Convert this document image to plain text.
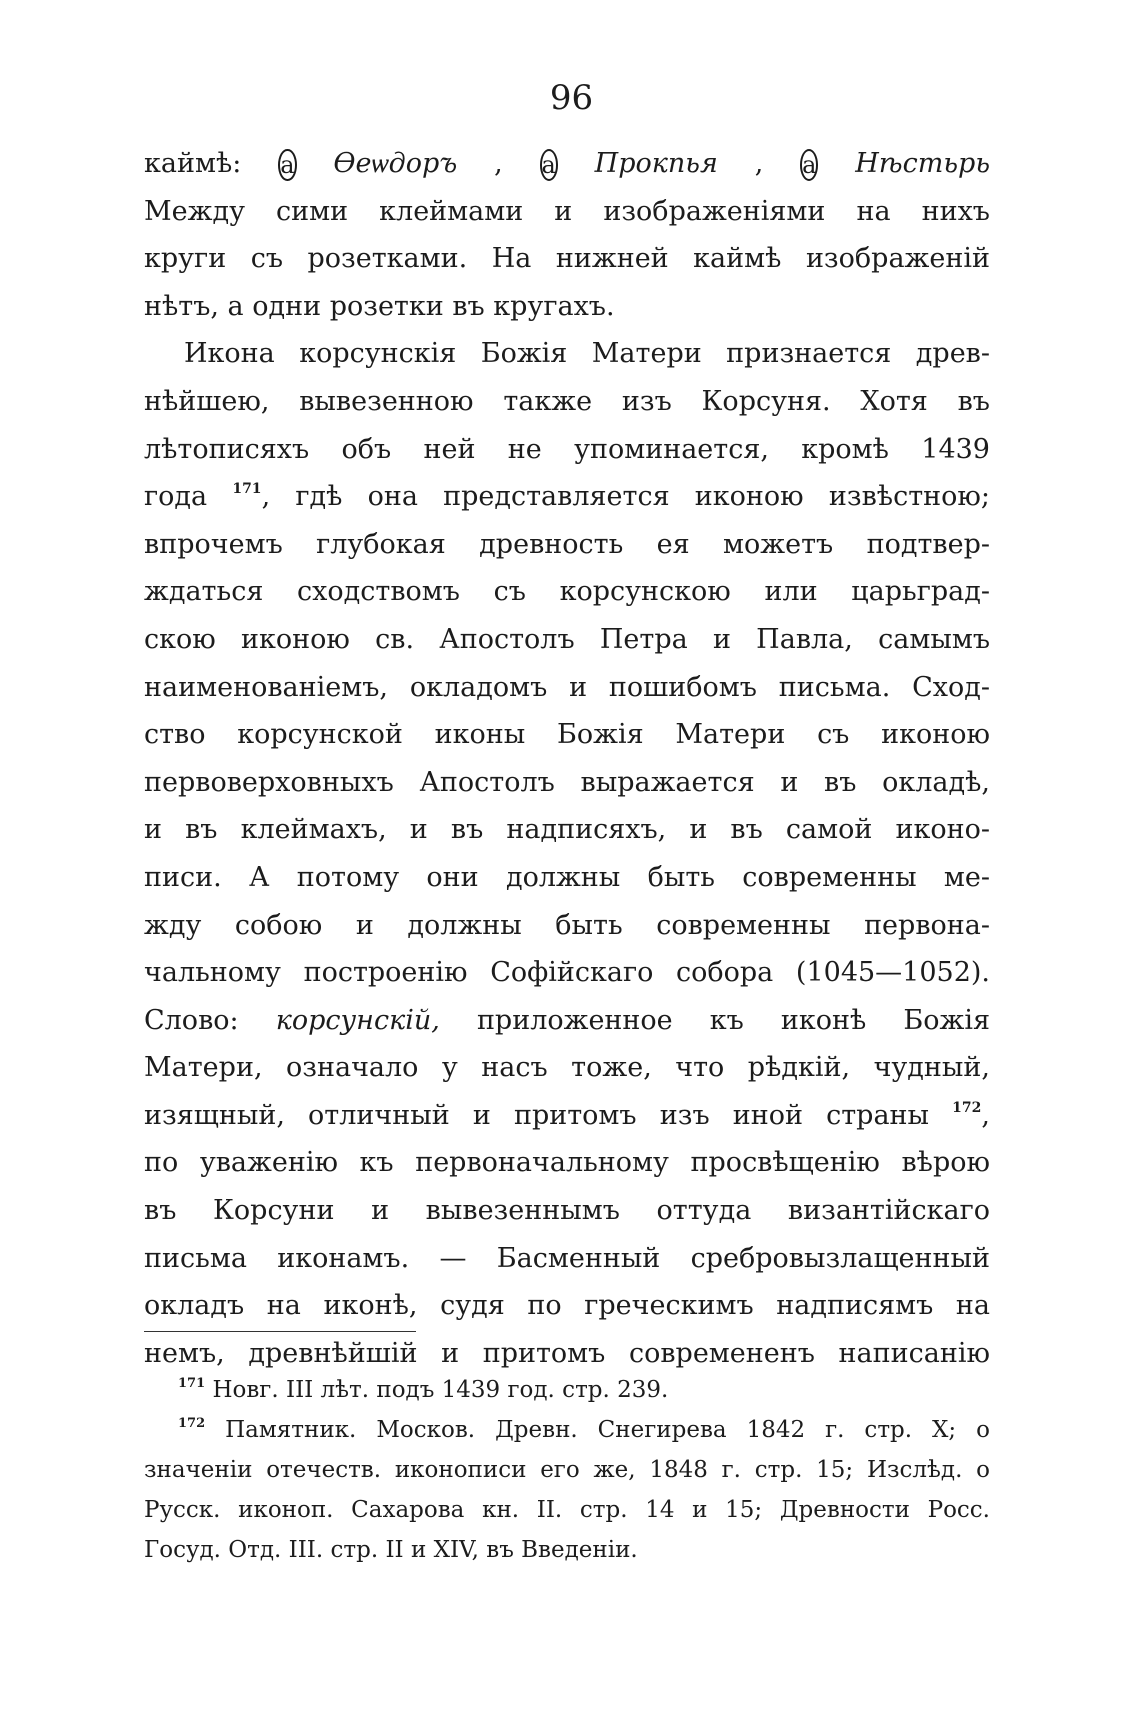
96
каймѣ: а Ѳеѡдоръ , а Прокпья , а Нѣстьрь
Между сими клеймами и изображеніями на нихъ
круги съ розетками. На нижней каймѣ изображеній
нѣтъ, а одни розетки въ кругахъ.
Икона корсунскія Божія Матери признается древ-
нѣйшею, вывезенною также изъ Корсуня. Хотя въ
лѣтописяхъ объ ней не упоминается, кромѣ 1439
года $^{171}$, гдѣ она представляется иконою извѣстною;
впрочемъ глубокая древность ея можетъ подтвер-
ждаться сходствомъ съ корсунскою или царьград-
скою иконою св. Апостолъ Петра и Павла, самымъ
наименованіемъ, окладомъ и пошибомъ письма. Сход-
ство корсунской иконы Божія Матери съ иконою
первоверховныхъ Апостолъ выражается и въ окладѣ,
и въ клеймахъ, и въ надписяхъ, и въ самой иконо-
писи. А потому они должны быть современны ме-
жду собою и должны быть современны первона-
чальному построенію Софійскаго собора (1045—1052).
Слово: корсунскій, приложенное къ иконѣ Божія
Матери, означало у насъ тоже, что рѣдкій, чудный,
изящный, отличный и притомъ изъ иной страны $^{172}$,
по уваженію къ первоначальному просвѣщенію вѣрою
въ Корсуни и вывезеннымъ оттуда византійскаго
письма иконамъ. — Басменный сребровызлащенный
окладъ на иконѣ, судя по греческимъ надписямъ на
немъ, древнѣйшій и притомъ современенъ написанію
$^{171}$ Новг. III лѣт. подъ 1439 год. стр. 239.
$^{172}$ Памятник. Москов. Древн. Снегирева 1842 г. стр. X; о
значеніи отечеств. иконописи его же, 1848 г. стр. 15; Изслѣд. о
Русск. иконоп. Сахарова кн. II. стр. 14 и 15; Древности Росс.
Госуд. Отд. III. стр. II и XIV, въ Введеніи.
